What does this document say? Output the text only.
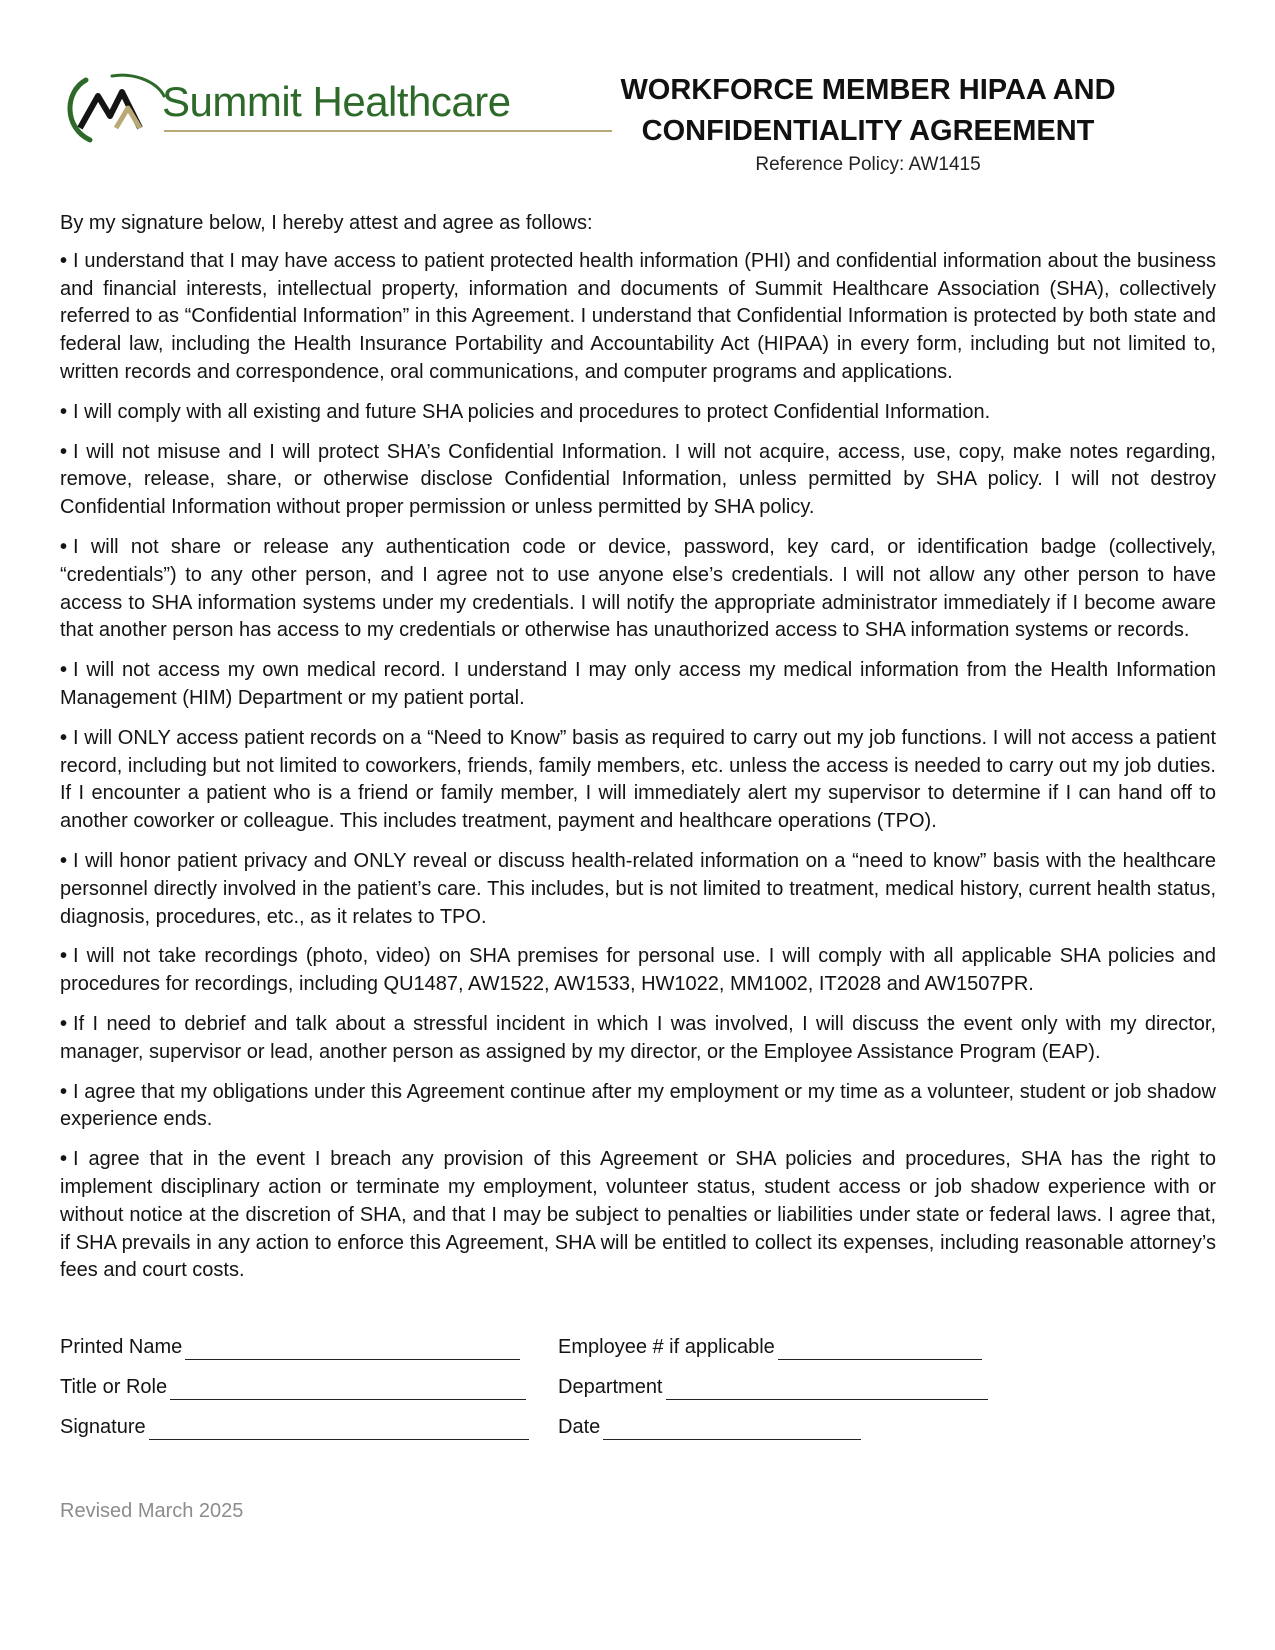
Summit Healthcare	WORKFORCE MEMBER HIPAA AND
CONFIDENTIALITY AGREEMENT
Reference Policy: AW1415

By my signature below, I hereby attest and agree as follows:

• I understand that I may have access to patient protected health information (PHI) and confidential information about the business and financial interests, intellectual property, information and documents of Summit Healthcare Association (SHA), collectively referred to as “Confidential Information” in this Agreement. I understand that Confidential Information is protected by both state and federal law, including the Health Insurance Portability and Accountability Act (HIPAA) in every form, including but not limited to, written records and correspondence, oral communications, and computer programs and applications.

• I will comply with all existing and future SHA policies and procedures to protect Confidential Information.

• I will not misuse and I will protect SHA’s Confidential Information. I will not acquire, access, use, copy, make notes regarding, remove, release, share, or otherwise disclose Confidential Information, unless permitted by SHA policy. I will not destroy Confidential Information without proper permission or unless permitted by SHA policy.

• I will not share or release any authentication code or device, password, key card, or identification badge (collectively, “credentials”) to any other person, and I agree not to use anyone else’s credentials. I will not allow any other person to have access to SHA information systems under my credentials. I will notify the appropriate administrator immediately if I become aware that another person has access to my credentials or otherwise has unauthorized access to SHA information systems or records.

• I will not access my own medical record. I understand I may only access my medical information from the Health Information Management (HIM) Department or my patient portal.

• I will ONLY access patient records on a “Need to Know” basis as required to carry out my job functions. I will not access a patient record, including but not limited to coworkers, friends, family members, etc. unless the access is needed to carry out my job duties. If I encounter a patient who is a friend or family member, I will immediately alert my supervisor to determine if I can hand off to another coworker or colleague. This includes treatment, payment and healthcare operations (TPO).

• I will honor patient privacy and ONLY reveal or discuss health-related information on a “need to know” basis with the healthcare personnel directly involved in the patient’s care. This includes, but is not limited to treatment, medical history, current health status, diagnosis, procedures, etc., as it relates to TPO.

• I will not take recordings (photo, video) on SHA premises for personal use. I will comply with all applicable SHA policies and procedures for recordings, including QU1487, AW1522, AW1533, HW1022, MM1002, IT2028 and AW1507PR.

• If I need to debrief and talk about a stressful incident in which I was involved, I will discuss the event only with my director, manager, supervisor or lead, another person as assigned by my director, or the Employee Assistance Program (EAP).

• I agree that my obligations under this Agreement continue after my employment or my time as a volunteer, student or job shadow experience ends.

• I agree that in the event I breach any provision of this Agreement or SHA policies and procedures, SHA has the right to implement disciplinary action or terminate my employment, volunteer status, student access or job shadow experience with or without notice at the discretion of SHA, and that I may be subject to penalties or liabilities under state or federal laws. I agree that, if SHA prevails in any action to enforce this Agreement, SHA will be entitled to collect its expenses, including reasonable attorney’s fees and court costs.

Printed Name	Employee # if applicable
Title or Role	Department
Signature	Date
Revised March 2025
